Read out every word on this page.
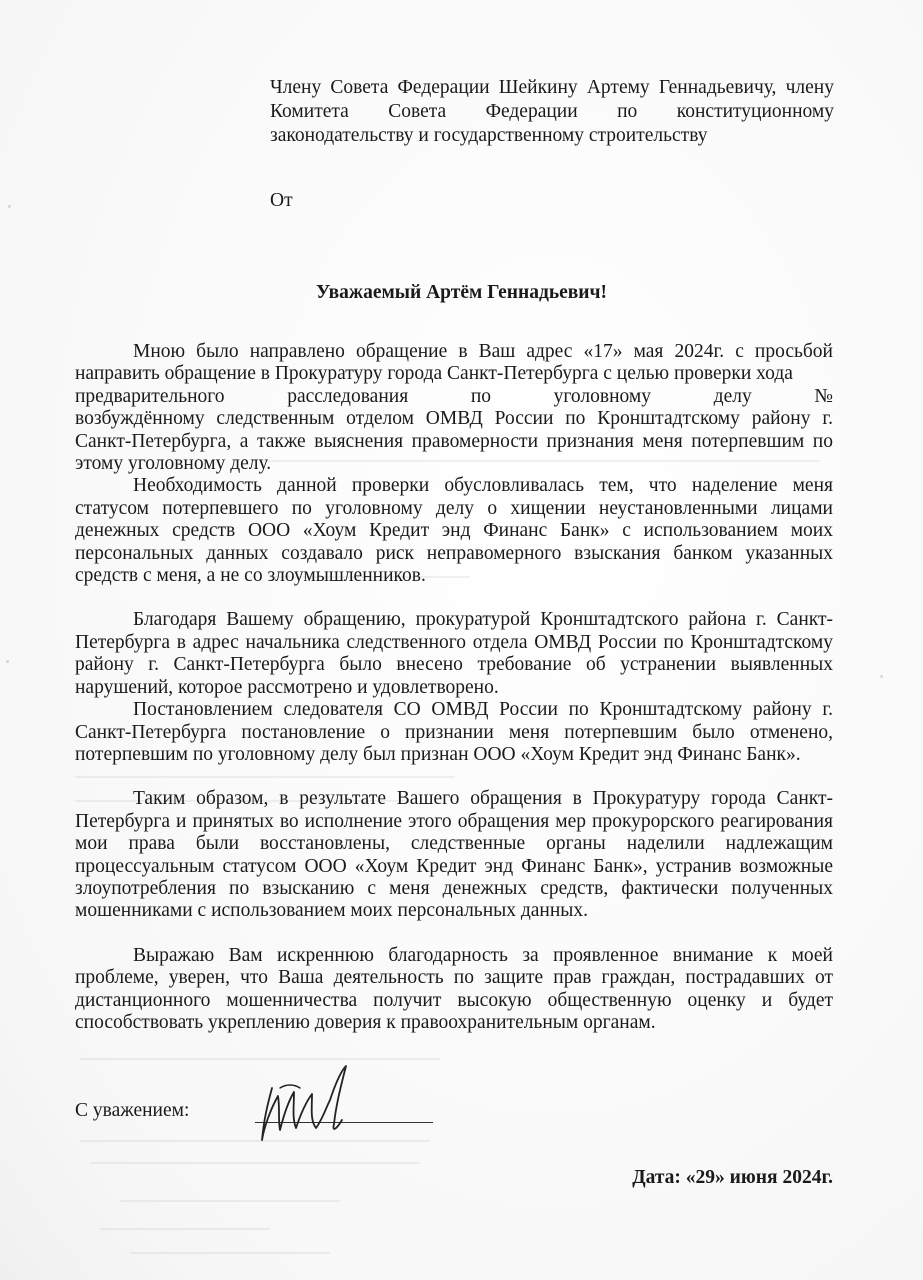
Члену Совета Федерации Шейкину Артему Геннадьевичу, члену
Комитета Совета Федерации по конституционному
законодательству и государственному строительству
От
Уважаемый Артём Геннадьевич!

Мною было направлено обращение в Ваш адрес «17» мая 2024г. с просьбой направить обращение в Прокуратуру города Санкт-Петербурга с целью проверки хода
предварительного расследования по уголовному делу №
возбуждённому следственным отделом ОМВД России по Кронштадтскому району г. Санкт-Петербурга, а также выяснения правомерности признания меня потерпевшим по этому уголовному делу.

Необходимость данной проверки обусловливалась тем, что наделение меня статусом потерпевшего по уголовному делу о хищении неустановленными лицами денежных средств ООО «Хоум Кредит энд Финанс Банк» с использованием моих персональных данных создавало риск неправомерного взыскания банком указанных средств с меня, а не со злоумышленников.

Благодаря Вашему обращению, прокуратурой Кронштадтского района г. Санкт-Петербурга в адрес начальника следственного отдела ОМВД России по Кронштадтскому району г. Санкт-Петербурга было внесено требование об устранении выявленных нарушений, которое рассмотрено и удовлетворено.

Постановлением следователя СО ОМВД России по Кронштадтскому району г. Санкт-Петербурга постановление о признании меня потерпевшим было отменено, потерпевшим по уголовному делу был признан ООО «Хоум Кредит энд Финанс Банк».

Таким образом, в результате Вашего обращения в Прокуратуру города Санкт-Петербурга и принятых во исполнение этого обращения мер прокурорского реагирования мои права были восстановлены, следственные органы наделили надлежащим процессуальным статусом ООО «Хоум Кредит энд Финанс Банк», устранив возможные злоупотребления по взысканию с меня денежных средств, фактически полученных мошенниками с использованием моих персональных данных.

Выражаю Вам искреннюю благодарность за проявленное внимание к моей проблеме, уверен, что Ваша деятельность по защите прав граждан, пострадавших от дистанционного мошенничества получит высокую общественную оценку и будет способствовать укреплению доверия к правоохранительным органам.

С уважением:
Дата: «29» июня 2024г.
